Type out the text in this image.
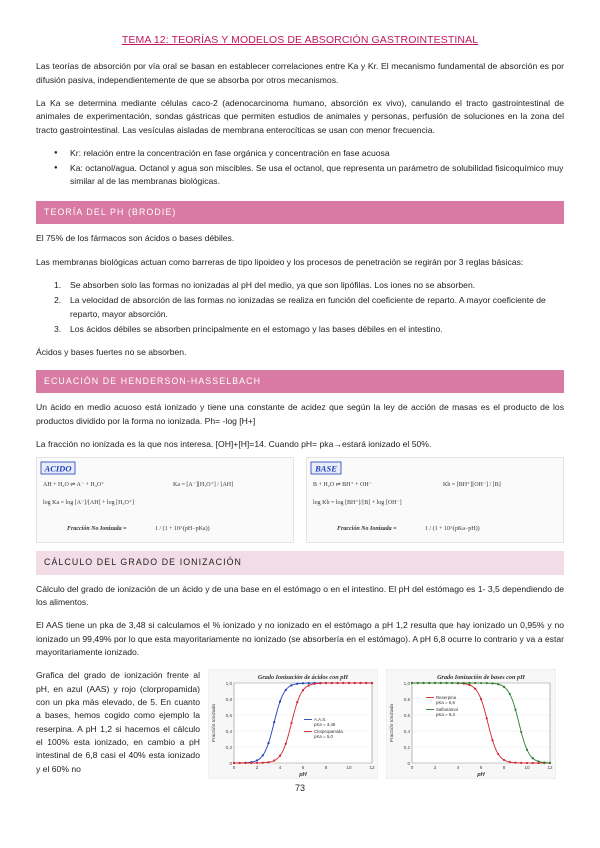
TEMA 12: TEORÍAS Y MODELOS DE ABSORCIÓN GASTROINTESTINAL

Las teorías de absorción por vía oral se basan en establecer correlaciones entre Ka y Kr. El mecanismo fundamental de absorción es por difusión pasiva, independientemente de que se absorba por otros mecanismos.

La Ka se determina mediante células caco-2 (adenocarcinoma humano, absorción ex vivo), canulando el tracto gastrointestinal de animales de experimentación, sondas gástricas que permiten estudios de animales y personas, perfusión de soluciones en la zona del tracto gastrointestinal. Las vesículas aisladas de membrana enterocíticas se usan con menor frecuencia.

● Kr: relación entre la concentración en fase orgánica y concentración en fase acuosa
● Ka: octanol/agua. Octanol y agua son miscibles. Se usa el octanol, que representa un parámetro de solubilidad fisicoquímico muy similar al de las membranas biológicas.
TEORÍA DEL PH (BRODIE)

El 75% de los fármacos son ácidos o bases débiles.

Las membranas biológicas actuan como barreras de tipo lipoideo y los procesos de penetración se regirán por 3 reglas básicas:

1. Se absorben solo las formas no ionizadas al pH del medio, ya que son lipófilas. Los iones no se absorben.
2. La velocidad de absorción de las formas no ionizadas se realiza en función del coeficiente de reparto. A mayor coeficiente de reparto, mayor absorción.
3. Los ácidos débiles se absorben principalmente en el estomago y las bases débiles en el intestino.

Ácidos y bases fuertes no se absorben.

ECUACIÓN DE HENDERSON-HASSELBACH

Un ácido en medio acuoso está ionizado y tiene una constante de acidez que según la ley de acción de masas es el producto de los productos dividido por la forma no ionizada. Ph= -log [H+]

La fracción no ionizada es la que nos interesa. [OH]+[H]=14. Cuando pH= pka→estará ionizado el 50%.

ACIDO
AH + H₂O ⇌ A⁻ + H₃O⁺	Ka = [A⁻][H₃O⁺] / [AH]
log Ka = log [A⁻]/[AH] + log [H₃O⁺]
Fracción No Ionizada =	1 / (1 + 10^(pH−pKa))
BASE
B + H₂O ⇌ BH⁺ + OH⁻	Kb = [BH⁺][OH⁻] / [B]
log Kb = log [BH⁺]/[B] + log [OH⁻]
Fracción No Ionizada =	1 / (1 + 10^(pKa−pH))
CÁLCULO DEL GRADO DE IONIZACIÓN

Cálculo del grado de ionización de un ácido y de una base en el estómago o en el intestino. El pH del estómago es 1- 3,5 dependiendo de los alimentos.

El AAS tiene un pka de 3,48 si calculamos el % ionizado y no ionizado en el estómago a pH 1,2 resulta que hay ionizado un 0,95% y no ionizado un 99,49% por lo que esta mayoritariamente no ionizado (se absorbería en el estómago). A pH 6,8 ocurre lo contrario y va a estar mayoritariamente ionizado.

Grafica del grado de ionización frente al pH, en azul (AAS) y rojo (clorpropamida) con un pka más elevado, de 5. En cuanto a bases, hemos cogido como ejemplo la reserpina. A pH 1,2 si hacemos el cálculo el 100% esta ionizado, en cambio a pH intestinal de 6,8 casi el 40% esta ionizado y el 60% no
Grado Ionización de ácidos con pH
0
0,2
0,4
0,6
0,8
1,0
0	2	4	6	8	10	12
pH
Fracción Ionizada	A.A.S.
pKa = 3,48
Clorpropamida
pKa = 5,0
Grado Ionización de bases con pH
0
0,2
0,4
0,6
0,8
1,0
0	2	4	6	8	10	12
pH
Fracción Ionizada
Reserpina
pKa = 6,6
Salbutamol
pKa = 9,3
73
